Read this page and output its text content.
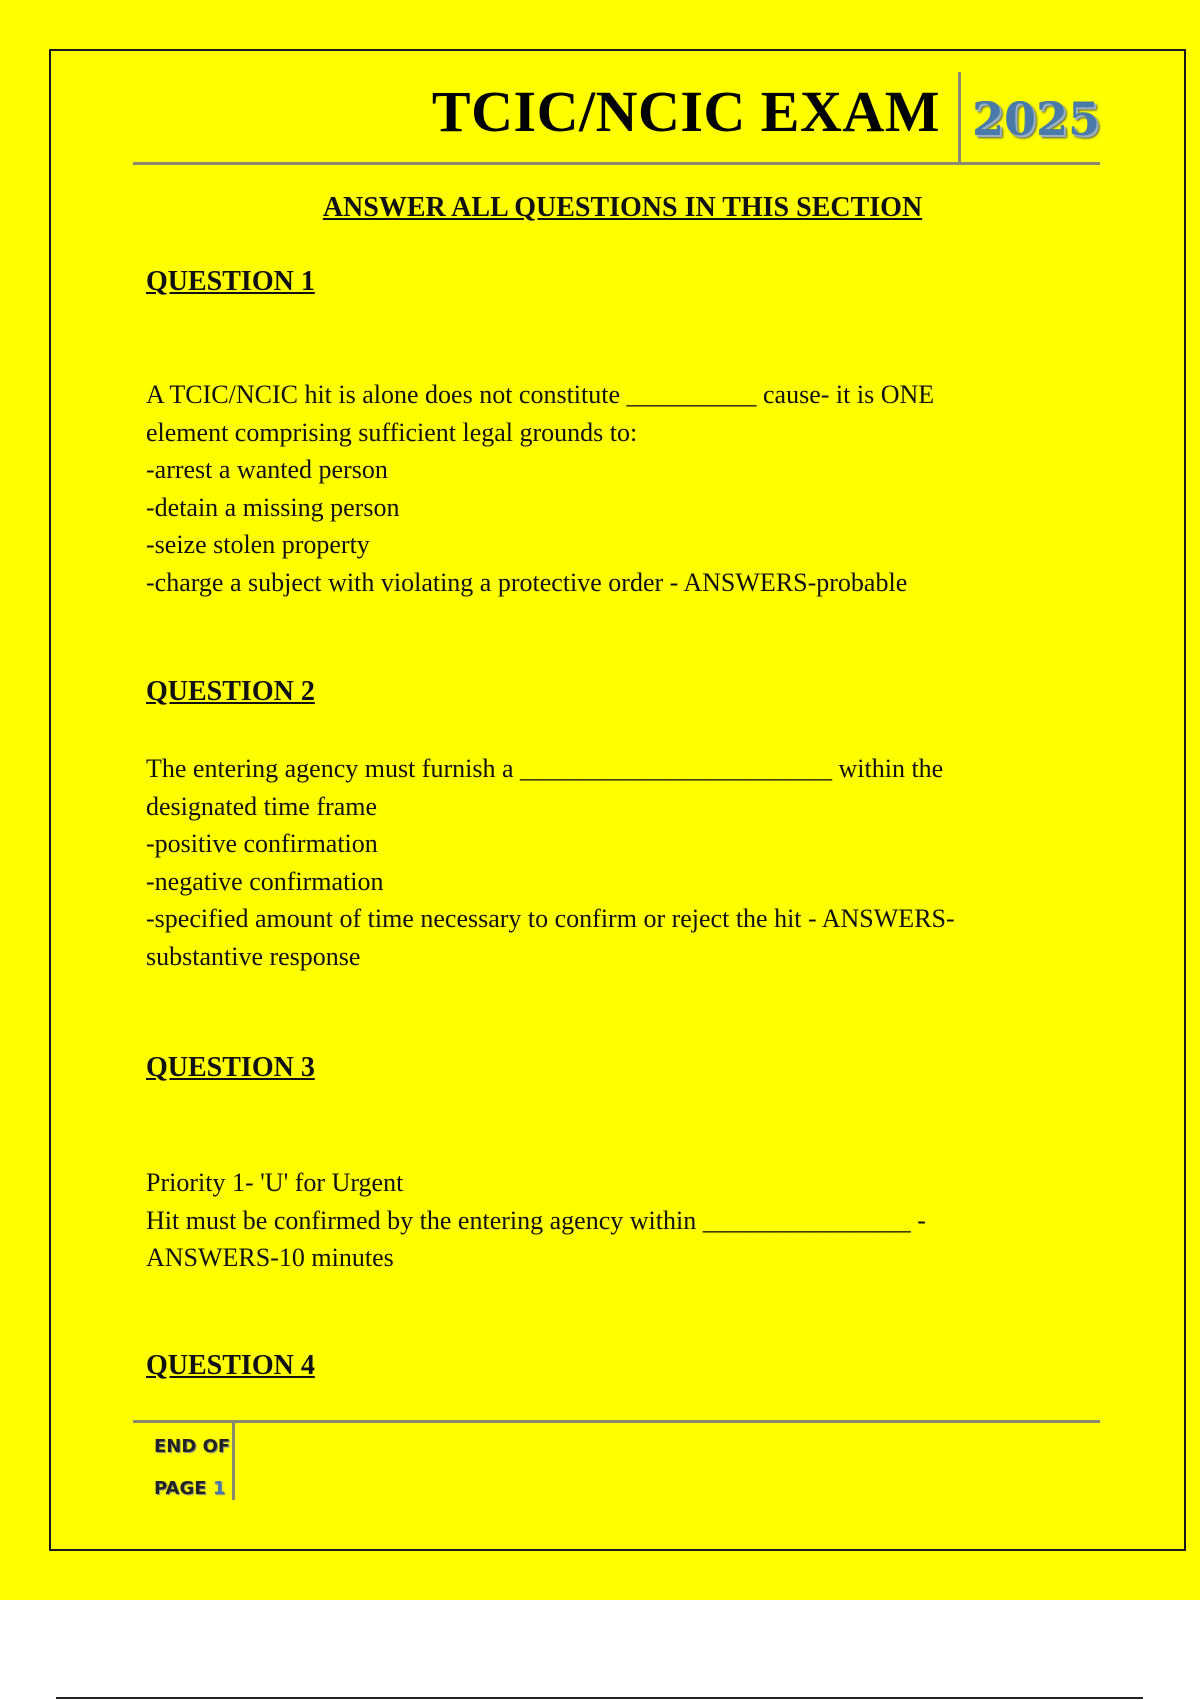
TCIC/NCIC EXAM 2025
ANSWER ALL QUESTIONS IN THIS SECTION
QUESTION 1
A TCIC/NCIC hit is alone does not constitute __________ cause- it is ONE
element comprising sufficient legal grounds to:
-arrest a wanted person
-detain a missing person
-seize stolen property
-charge a subject with violating a protective order - ANSWERS-probable
QUESTION 2
The entering agency must furnish a ________________________ within the
designated time frame
-positive confirmation
-negative confirmation
-specified amount of time necessary to confirm or reject the hit - ANSWERS-
substantive response
QUESTION 3
Priority 1- 'U' for Urgent
Hit must be confirmed by the entering agency within ________________ -
ANSWERS-10 minutes
QUESTION 4
END OF
PAGE 1
